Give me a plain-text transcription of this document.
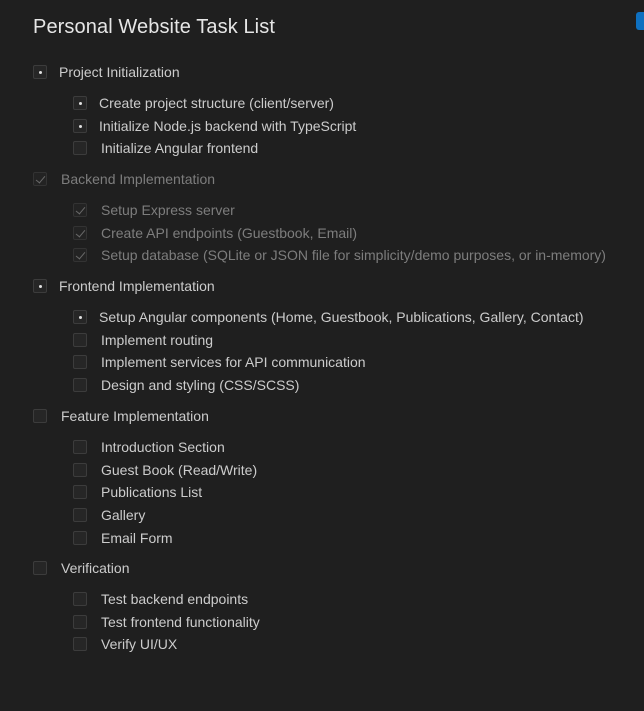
Personal Website Task List
Project Initialization
Create project structure (client/server)
Initialize Node.js backend with TypeScript
Initialize Angular frontend
Backend Implementation
Setup Express server
Create API endpoints (Guestbook, Email)
Setup database (SQLite or JSON file for simplicity/demo purposes, or in-memory)
Frontend Implementation
Setup Angular components (Home, Guestbook, Publications, Gallery, Contact)
Implement routing
Implement services for API communication
Design and styling (CSS/SCSS)
Feature Implementation
Introduction Section
Guest Book (Read/Write)
Publications List
Gallery
Email Form
Verification
Test backend endpoints
Test frontend functionality
Verify UI/UX
